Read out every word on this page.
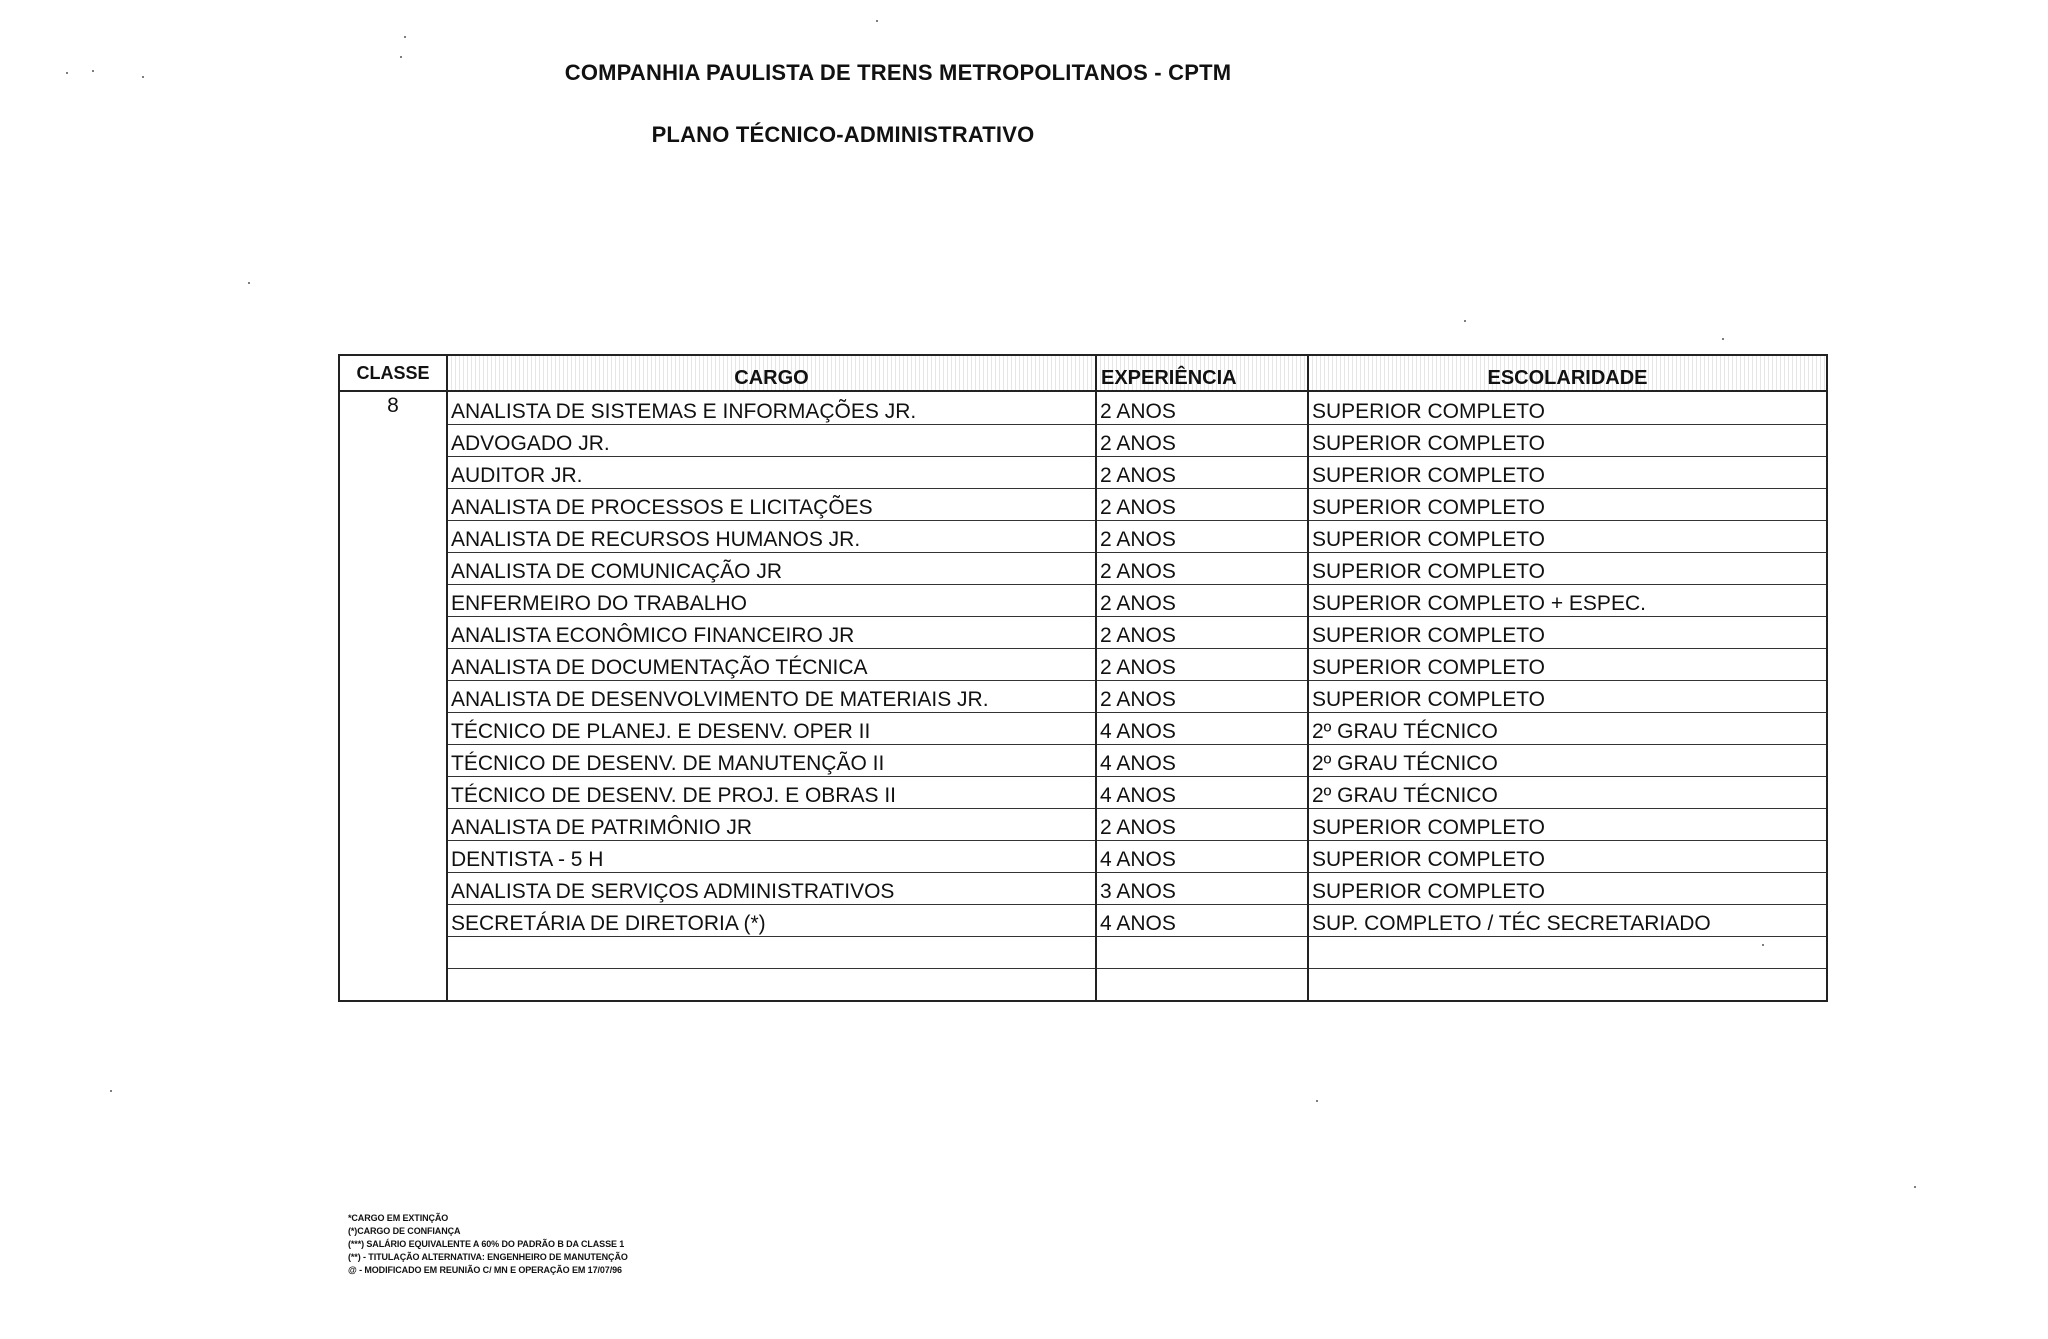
COMPANHIA PAULISTA DE TRENS METROPOLITANOS - CPTM
PLANO TÉCNICO-ADMINISTRATIVO
CLASSE	CARGO	EXPERIÊNCIA	ESCOLARIDADE
8	ANALISTA DE SISTEMAS E INFORMAÇÕES JR.	2 ANOS	SUPERIOR COMPLETO
	ADVOGADO JR.	2 ANOS	SUPERIOR COMPLETO
	AUDITOR JR.	2 ANOS	SUPERIOR COMPLETO
	ANALISTA DE PROCESSOS E LICITAÇÕES	2 ANOS	SUPERIOR COMPLETO
	ANALISTA DE RECURSOS HUMANOS JR.	2 ANOS	SUPERIOR COMPLETO
	ANALISTA DE COMUNICAÇÃO JR	2 ANOS	SUPERIOR COMPLETO
	ENFERMEIRO DO TRABALHO	2 ANOS	SUPERIOR COMPLETO + ESPEC.
	ANALISTA ECONÔMICO FINANCEIRO JR	2 ANOS	SUPERIOR COMPLETO
	ANALISTA DE DOCUMENTAÇÃO TÉCNICA	2 ANOS	SUPERIOR COMPLETO
	ANALISTA DE DESENVOLVIMENTO DE MATERIAIS JR.	2 ANOS	SUPERIOR COMPLETO
	TÉCNICO DE PLANEJ. E DESENV. OPER II	4 ANOS	2º GRAU TÉCNICO
	TÉCNICO DE DESENV. DE MANUTENÇÃO II	4 ANOS	2º GRAU TÉCNICO
	TÉCNICO DE DESENV. DE PROJ. E OBRAS II	4 ANOS	2º GRAU TÉCNICO
	ANALISTA DE PATRIMÔNIO JR	2 ANOS	SUPERIOR COMPLETO
	DENTISTA - 5 H	4 ANOS	SUPERIOR COMPLETO
	ANALISTA DE SERVIÇOS ADMINISTRATIVOS	3 ANOS	SUPERIOR COMPLETO
	SECRETÁRIA DE DIRETORIA (*)	4 ANOS	SUP. COMPLETO / TÉC SECRETARIADO

*CARGO EM EXTINÇÃO
(*)CARGO DE CONFIANÇA
(***) SALÁRIO EQUIVALENTE A 60% DO PADRÃO B DA CLASSE 1
(**) - TITULAÇÃO ALTERNATIVA: ENGENHEIRO DE MANUTENÇÃO
@ - MODIFICADO EM REUNIÃO C/ MN E OPERAÇÃO EM 17/07/96
